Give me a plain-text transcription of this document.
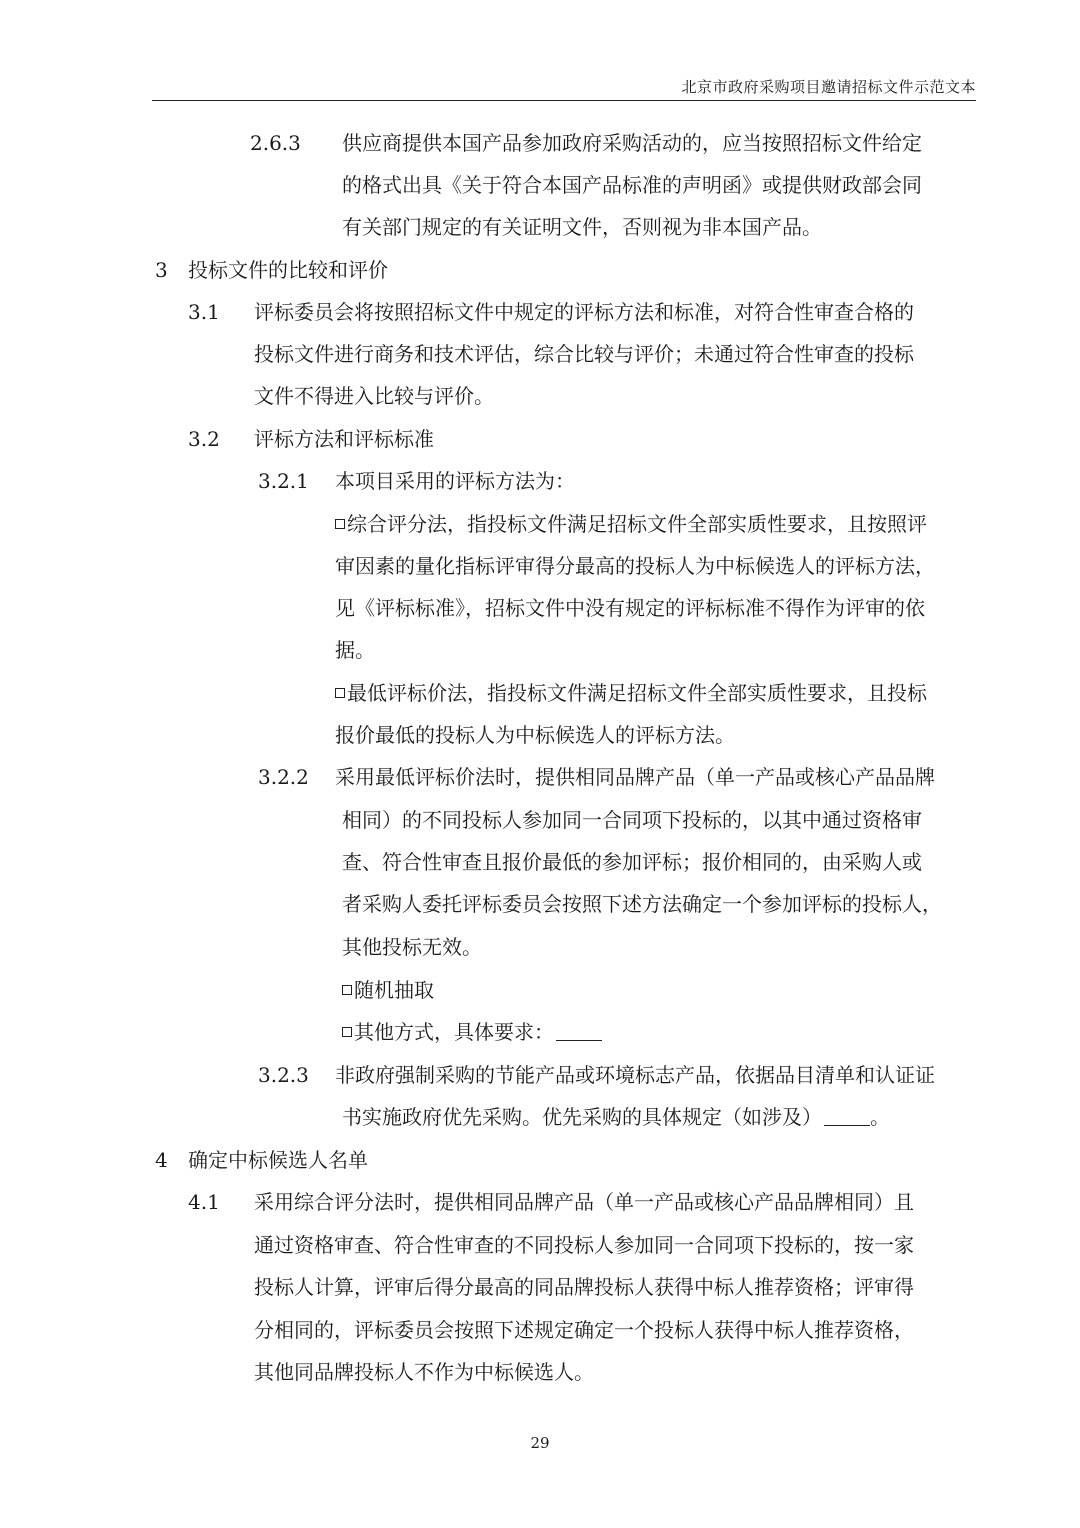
北京市政府采购项目邀请招标文件示范文本
2.6.3 供应商提供本国产品参加政府采购活动的，应当按照招标文件给定
的格式出具《关于符合本国产品标准的声明函》或提供财政部会同
有关部门规定的有关证明文件，否则视为非本国产品。
3 投标文件的比较和评价
3.1 评标委员会将按照招标文件中规定的评标方法和标准，对符合性审查合格的
投标文件进行商务和技术评估，综合比较与评价；未通过符合性审查的投标
文件不得进入比较与评价。
3.2 评标方法和评标标准
3.2.1 本项目采用的评标方法为：
综合评分法，指投标文件满足招标文件全部实质性要求，且按照评
审因素的量化指标评审得分最高的投标人为中标候选人的评标方法，
见《评标标准》，招标文件中没有规定的评标标准不得作为评审的依
据。
最低评标价法，指投标文件满足招标文件全部实质性要求，且投标
报价最低的投标人为中标候选人的评标方法。
3.2.2 采用最低评标价法时，提供相同品牌产品（单一产品或核心产品品牌
相同）的不同投标人参加同一合同项下投标的，以其中通过资格审
查、符合性审查且报价最低的参加评标；报价相同的，由采购人或
者采购人委托评标委员会按照下述方法确定一个参加评标的投标人，
其他投标无效。
随机抽取
其他方式，具体要求：
3.2.3 非政府强制采购的节能产品或环境标志产品，依据品目清单和认证证
书实施政府优先采购。优先采购的具体规定（如涉及） 。
4 确定中标候选人名单
4.1 采用综合评分法时，提供相同品牌产品（单一产品或核心产品品牌相同）且
通过资格审查、符合性审查的不同投标人参加同一合同项下投标的，按一家
投标人计算，评审后得分最高的同品牌投标人获得中标人推荐资格；评审得
分相同的，评标委员会按照下述规定确定一个投标人获得中标人推荐资格，
其他同品牌投标人不作为中标候选人。
29
